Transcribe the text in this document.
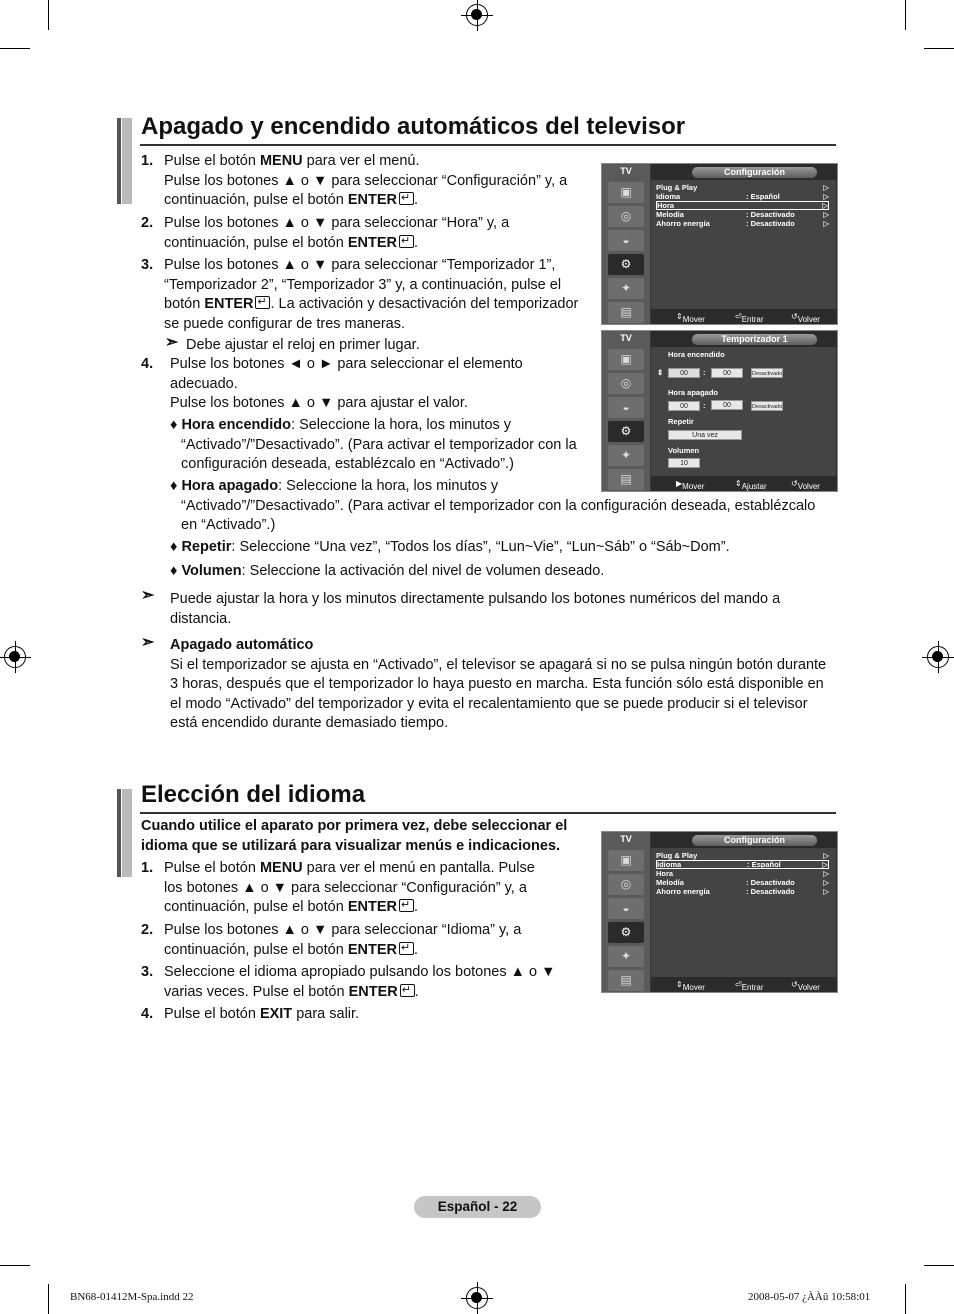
Apagado y encendido automáticos del televisor
1. Pulse el botón MENU para ver el menú.
Pulse los botones ▲ o ▼ para seleccionar “Configuración” y, a
continuación, pulse el botón ENTER ↵ .
2. Pulse los botones ▲ o ▼ para seleccionar “Hora” y, a
continuación, pulse el botón ENTER ↵ .
3. Pulse los botones ▲ o ▼ para seleccionar “Temporizador 1”,
“Temporizador 2”, “Temporizador 3” y, a continuación, pulse el
botón ENTER ↵ . La activación y desactivación del temporizador
se puede configurar de tres maneras.
➣ Debe ajustar el reloj en primer lugar.
4. Pulse los botones ◄ o ► para seleccionar el elemento
adecuado.
Pulse los botones ▲ o ▼ para ajustar el valor.
♦ Hora encendido: Seleccione la hora, los minutos y
“Activado”/”Desactivado”. (Para activar el temporizador con la
configuración deseada, establézcalo en “Activado”.)
♦ Hora apagado: Seleccione la hora, los minutos y
“Activado”/”Desactivado”. (Para activar el temporizador con la configuración deseada, establézcalo
en “Activado”.)
♦ Repetir: Seleccione “Una vez”, “Todos los días”, “Lun~Vie”, “Lun~Sáb” o “Sáb~Dom”.
♦ Volumen: Seleccione la activación del nivel de volumen deseado.
➣ Puede ajustar la hora y los minutos directamente pulsando los botones numéricos del mando a
distancia.
➣ Apagado automático
Si el temporizador se ajusta en “Activado”, el televisor se apagará si no se pulsa ningún botón durante
3 horas, después que el temporizador lo haya puesto en marcha. Esta función sólo está disponible en
el modo “Activado” del temporizador y evita el recalentamiento que se puede producir si el televisor
está encendido durante demasiado tiempo.
TV
▣
◎
◒
⚙
✦
▤
Configuración
Plug & Play	▷
Idioma	: Español	▷
Hora	▷
Melodía	: Desactivado	▷
Ahorro energía	: Desactivado	▷
⇕ Mover	⏎ Entrar	↺ Volver
TV
▣
◎
◒
⚙
✦
▤
Temporizador 1
Hora encendido
⇕	00	:	00	Desactivado
Hora apagado
00	:	00	Desactivado
Repetir
Una vez
Volumen
10
▶ Mover	⇕ Ajustar	↺ Volver
Elección del idioma
Cuando utilice el aparato por primera vez, debe seleccionar el
idioma que se utilizará para visualizar menús e indicaciones.
1. Pulse el botón MENU para ver el menú en pantalla. Pulse
los botones ▲ o ▼ para seleccionar “Configuración” y, a
continuación, pulse el botón ENTER ↵ .
2. Pulse los botones ▲ o ▼ para seleccionar “Idioma” y, a
continuación, pulse el botón ENTER ↵ .
3. Seleccione el idioma apropiado pulsando los botones ▲ o ▼
varias veces. Pulse el botón ENTER ↵ .
4. Pulse el botón EXIT para salir.
TV
▣
◎
◒
⚙
✦
▤
Configuración
Plug & Play	▷
Idioma	: Español	▷
Hora	▷
Melodía	: Desactivado	▷
Ahorro energía	: Desactivado	▷
⇕ Mover	⏎ Entrar	↺ Volver
Español - 22
BN68-01412M-Spa.indd 22	2008-05-07 ¿ÀÀü 10:58:01
